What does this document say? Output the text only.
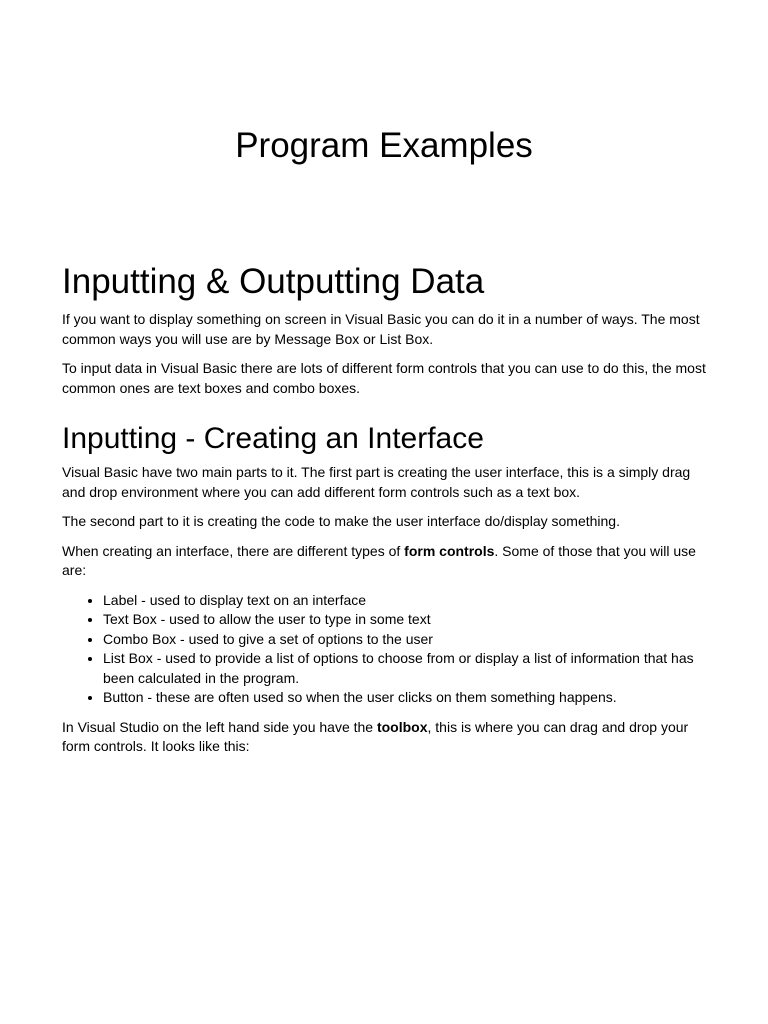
Program Examples
Inputting & Outputting Data

If you want to display something on screen in Visual Basic you can do it in a number of ways. The most common ways you will use are by Message Box or List Box.

To input data in Visual Basic there are lots of different form controls that you can use to do this, the most common ones are text boxes and combo boxes.

Inputting - Creating an Interface

Visual Basic have two main parts to it. The first part is creating the user interface, this is a simply drag and drop environment where you can add different form controls such as a text box.

The second part to it is creating the code to make the user interface do/display something.

When creating an interface, there are different types of form controls. Some of those that you will use are:

• Label - used to display text on an interface
• Text Box - used to allow the user to type in some text
• Combo Box - used to give a set of options to the user
• List Box - used to provide a list of options to choose from or display a list of information that has been calculated in the program.
• Button - these are often used so when the user clicks on them something happens.

In Visual Studio on the left hand side you have the toolbox, this is where you can drag and drop your form controls. It looks like this:
